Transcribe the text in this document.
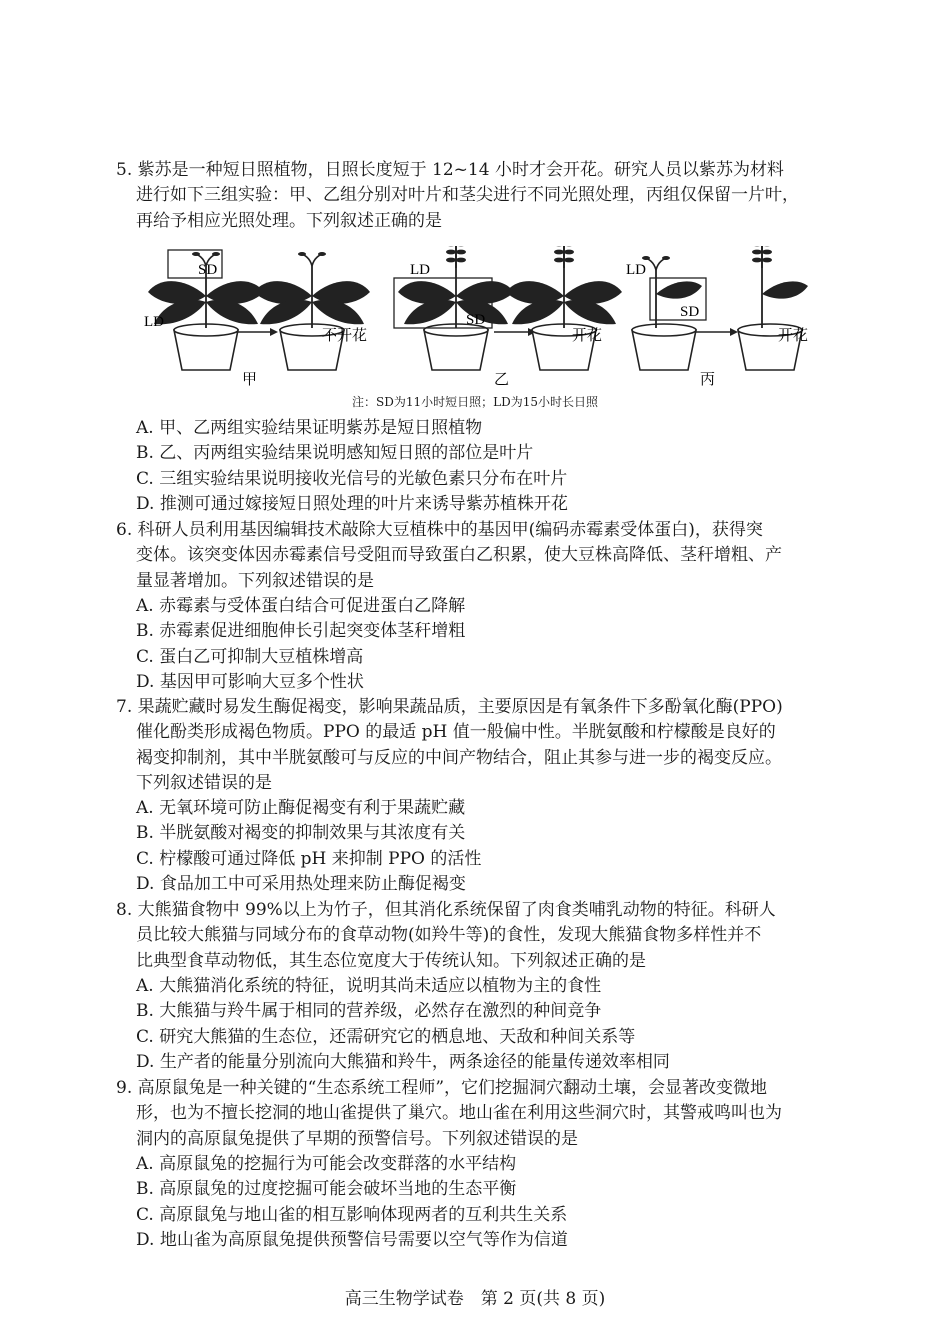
5. 紫苏是一种短日照植物，日照长度短于 12~14 小时才会开花。研究人员以紫苏为材料
进行如下三组实验：甲、乙组分别对叶片和茎尖进行不同光照处理，丙组仅保留一片叶，
再给予相应光照处理。下列叙述正确的是
SD
LD
不开花
甲
LD
SD
开花
乙
LD
SD
开花
丙
注：SD为11小时短日照；LD为15小时长日照
A. 甲、乙两组实验结果证明紫苏是短日照植物
B. 乙、丙两组实验结果说明感知短日照的部位是叶片
C. 三组实验结果说明接收光信号的光敏色素只分布在叶片
D. 推测可通过嫁接短日照处理的叶片来诱导紫苏植株开花
6. 科研人员利用基因编辑技术敲除大豆植株中的基因甲(编码赤霉素受体蛋白)，获得突
变体。该突变体因赤霉素信号受阻而导致蛋白乙积累，使大豆株高降低、茎秆增粗、产
量显著增加。下列叙述错误的是
A. 赤霉素与受体蛋白结合可促进蛋白乙降解
B. 赤霉素促进细胞伸长引起突变体茎秆增粗
C. 蛋白乙可抑制大豆植株增高
D. 基因甲可影响大豆多个性状
7. 果蔬贮藏时易发生酶促褐变，影响果蔬品质，主要原因是有氧条件下多酚氧化酶(PPO)
催化酚类形成褐色物质。PPO 的最适 pH 值一般偏中性。半胱氨酸和柠檬酸是良好的
褐变抑制剂，其中半胱氨酸可与反应的中间产物结合，阻止其参与进一步的褐变反应。
下列叙述错误的是
A. 无氧环境可防止酶促褐变有利于果蔬贮藏
B. 半胱氨酸对褐变的抑制效果与其浓度有关
C. 柠檬酸可通过降低 pH 来抑制 PPO 的活性
D. 食品加工中可采用热处理来防止酶促褐变
8. 大熊猫食物中 99%以上为竹子，但其消化系统保留了肉食类哺乳动物的特征。科研人
员比较大熊猫与同域分布的食草动物(如羚牛等)的食性，发现大熊猫食物多样性并不
比典型食草动物低，其生态位宽度大于传统认知。下列叙述正确的是
A. 大熊猫消化系统的特征，说明其尚未适应以植物为主的食性
B. 大熊猫与羚牛属于相同的营养级，必然存在激烈的种间竞争
C. 研究大熊猫的生态位，还需研究它的栖息地、天敌和种间关系等
D. 生产者的能量分别流向大熊猫和羚牛，两条途径的能量传递效率相同
9. 高原鼠兔是一种关键的“生态系统工程师”，它们挖掘洞穴翻动土壤，会显著改变微地
形，也为不擅长挖洞的地山雀提供了巢穴。地山雀在利用这些洞穴时，其警戒鸣叫也为
洞内的高原鼠兔提供了早期的预警信号。下列叙述错误的是
A. 高原鼠兔的挖掘行为可能会改变群落的水平结构
B. 高原鼠兔的过度挖掘可能会破坏当地的生态平衡
C. 高原鼠兔与地山雀的相互影响体现两者的互利共生关系
D. 地山雀为高原鼠兔提供预警信号需要以空气等作为信道
高三生物学试卷　第 2 页(共 8 页)
